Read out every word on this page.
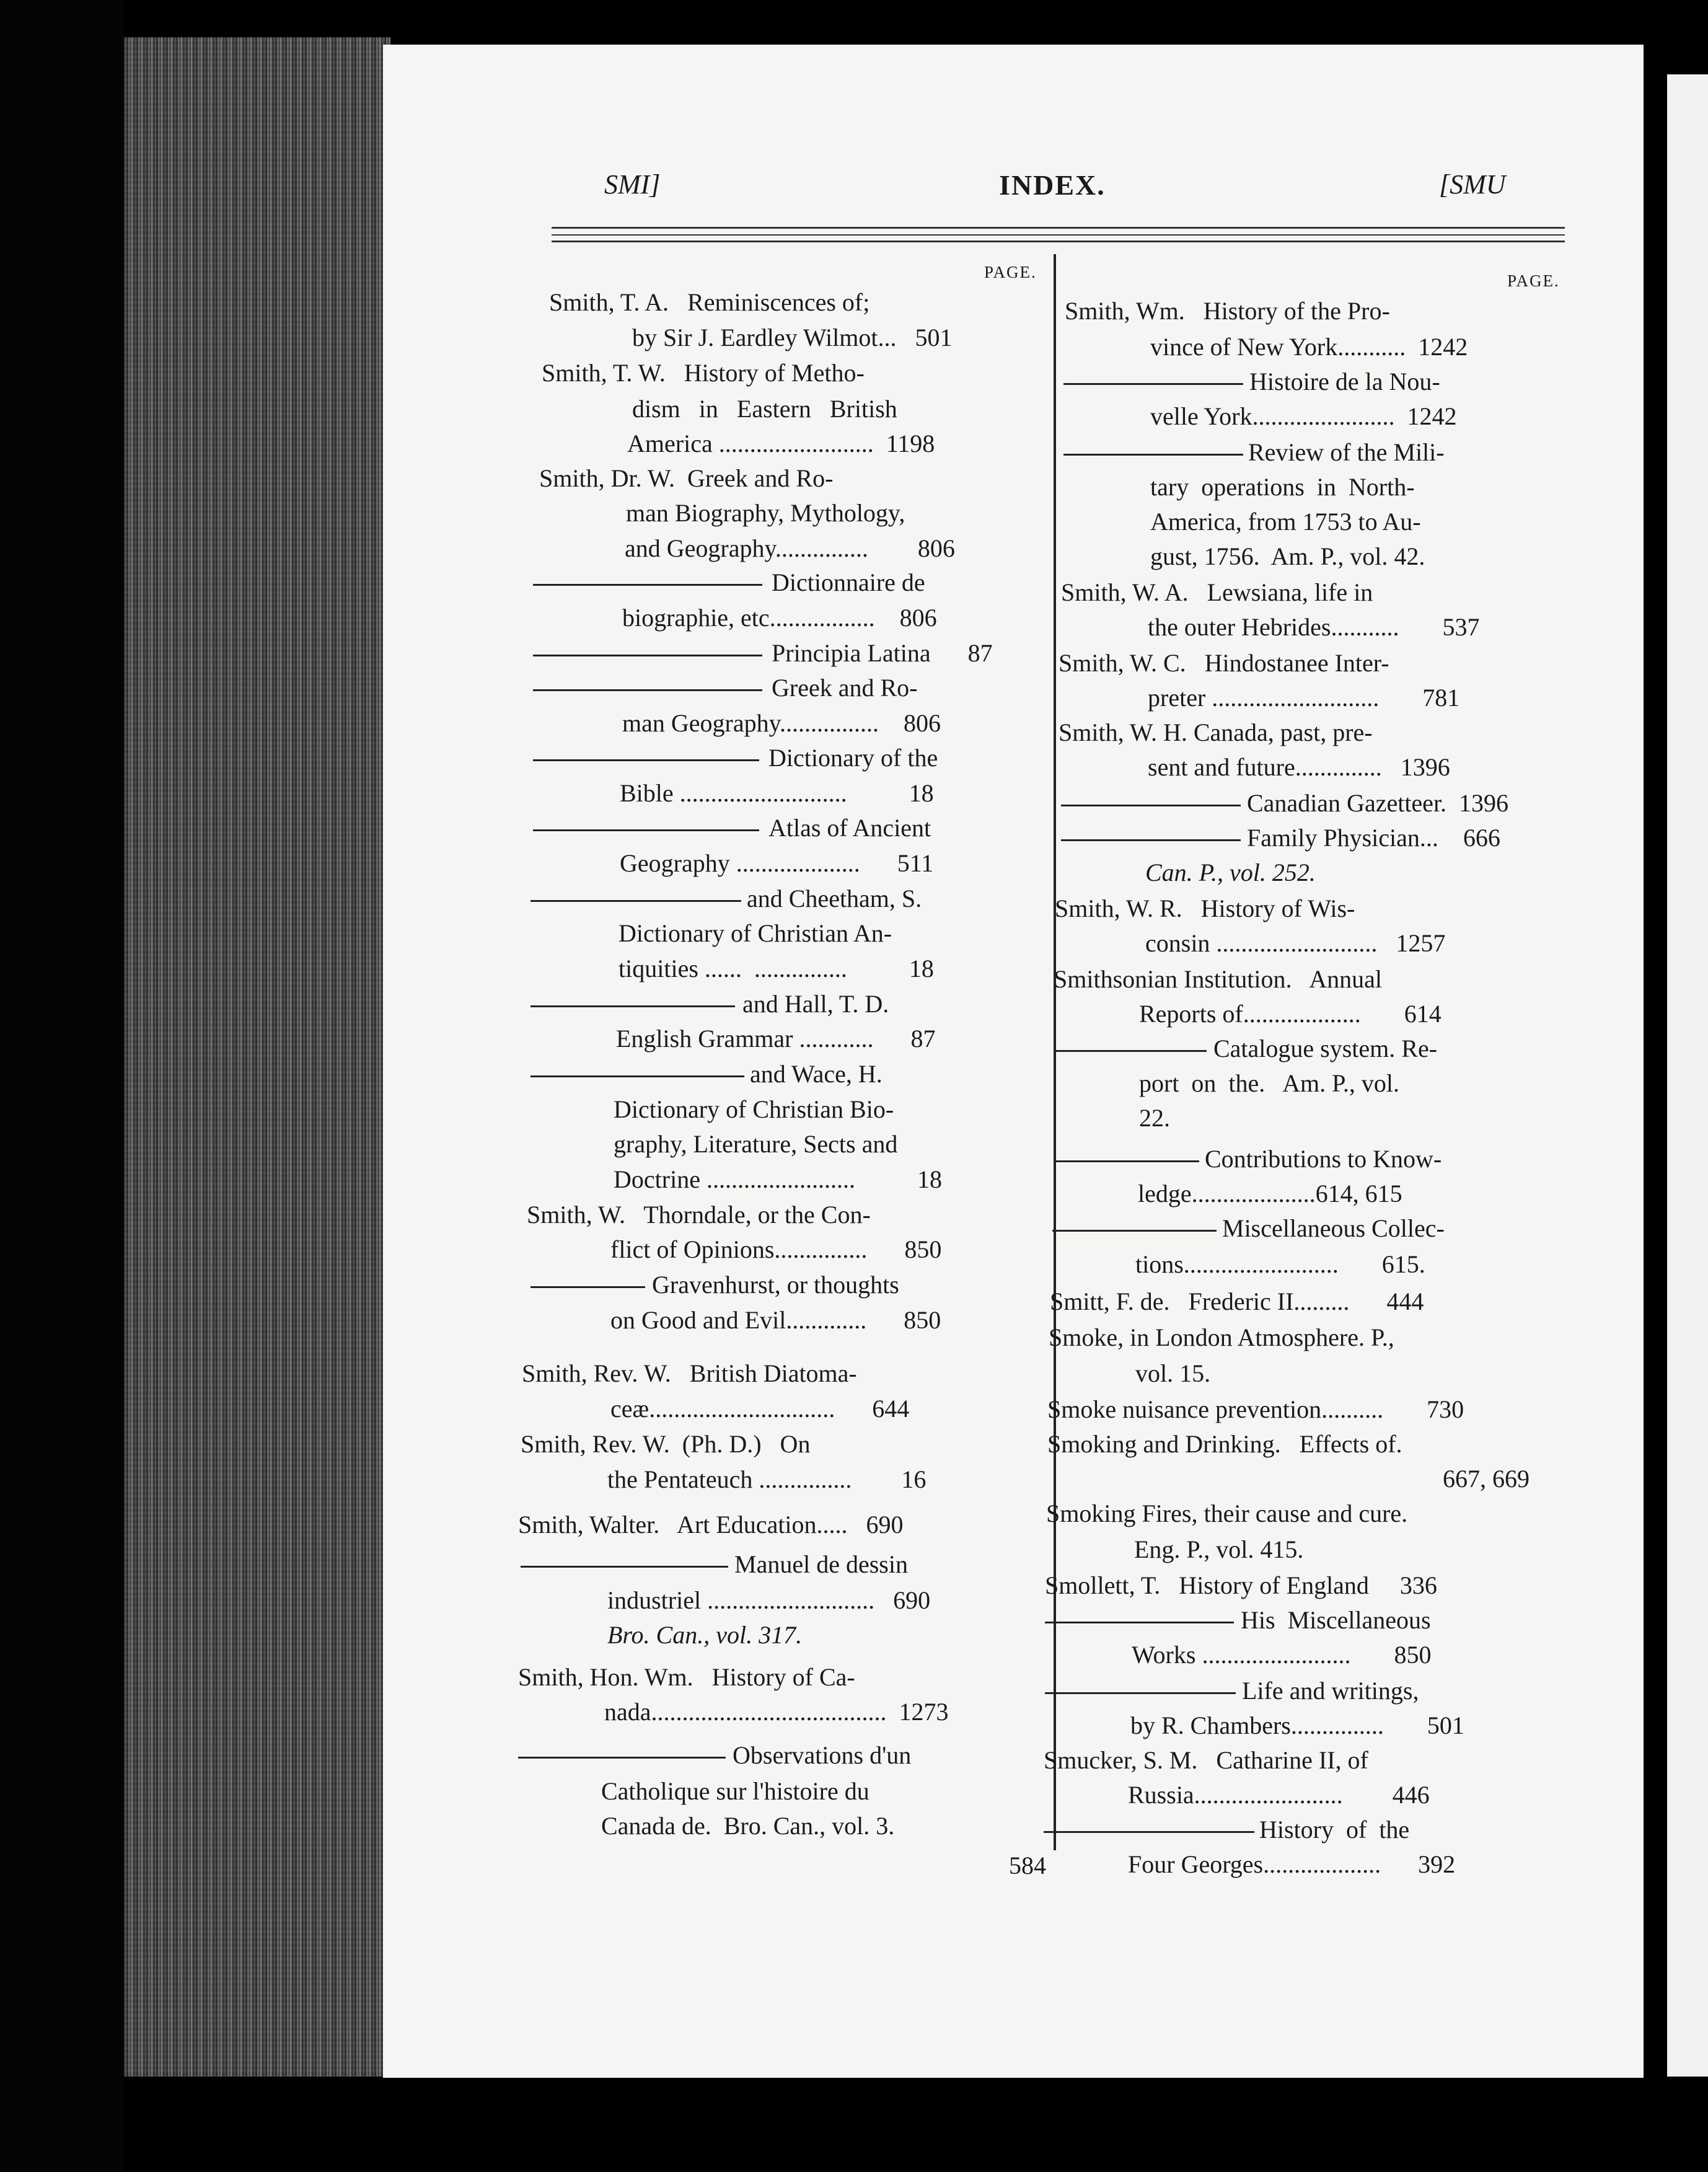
SMI]	INDEX.	[SMU
PAGE.	PAGE.
Smith, T. A.   Reminiscences of;
by Sir J. Eardley Wilmot...   501
Smith, T. W.   History of Metho-
dism   in   Eastern   British
America .........................  1198
Smith, Dr. W.  Greek and Ro-
man Biography, Mythology,
and Geography...............        806
Dictionnaire de
biographie, etc.................    806
Principia Latina      87
Greek and Ro-
man Geography................    806
Dictionary of the
Bible ...........................          18
Atlas of Ancient
Geography ....................      511
and Cheetham, S.
Dictionary of Christian An-
tiquities ......  ...............          18
and Hall, T. D.
English Grammar ............      87
and Wace, H.
Dictionary of Christian Bio-
graphy, Literature, Sects and
Doctrine ........................          18
Smith, W.   Thorndale, or the Con-
flict of Opinions...............      850
Gravenhurst, or thoughts
on Good and Evil.............      850
Smith, Rev. W.   British Diatoma-
ceæ..............................      644
Smith, Rev. W.  (Ph. D.)   On
the Pentateuch ...............        16
Smith, Walter.   Art Education.....   690
Manuel de dessin
industriel ...........................   690
Bro. Can., vol. 317.
Smith, Hon. Wm.   History of Ca-
nada......................................  1273
Observations d'un
Catholique sur l'histoire du
Canada de.  Bro. Can., vol. 3.
Smith, Wm.   History of the Pro-
vince of New York...........  1242
Histoire de la Nou-
velle York.......................  1242
Review of the Mili-
tary  operations  in  North-
America, from 1753 to Au-
gust, 1756.  Am. P., vol. 42.
Smith, W. A.   Lewsiana, life in
the outer Hebrides...........       537
Smith, W. C.   Hindostanee Inter-
preter ...........................       781
Smith, W. H. Canada, past, pre-
sent and future..............   1396
Canadian Gazetteer.  1396
Family Physician...    666
Can. P., vol. 252.
Smith, W. R.   History of Wis-
consin ..........................   1257
Smithsonian Institution.   Annual
Reports of...................       614
Catalogue system. Re-
port  on  the.   Am. P., vol.
22.
Contributions to Know-
ledge....................614, 615
Miscellaneous Collec-
tions.........................       615.
Smitt, F. de.   Frederic II.........      444
Smoke, in London Atmosphere. P.,
vol. 15.
Smoke nuisance prevention..........       730
Smoking and Drinking.   Effects of.
667, 669
Smoking Fires, their cause and cure.
Eng. P., vol. 415.
Smollett, T.   History of England     336
His  Miscellaneous
Works ........................       850
Life and writings,
by R. Chambers...............       501
Smucker, S. M.   Catharine II, of
Russia........................        446
History  of  the
Four Georges...................      392
584
